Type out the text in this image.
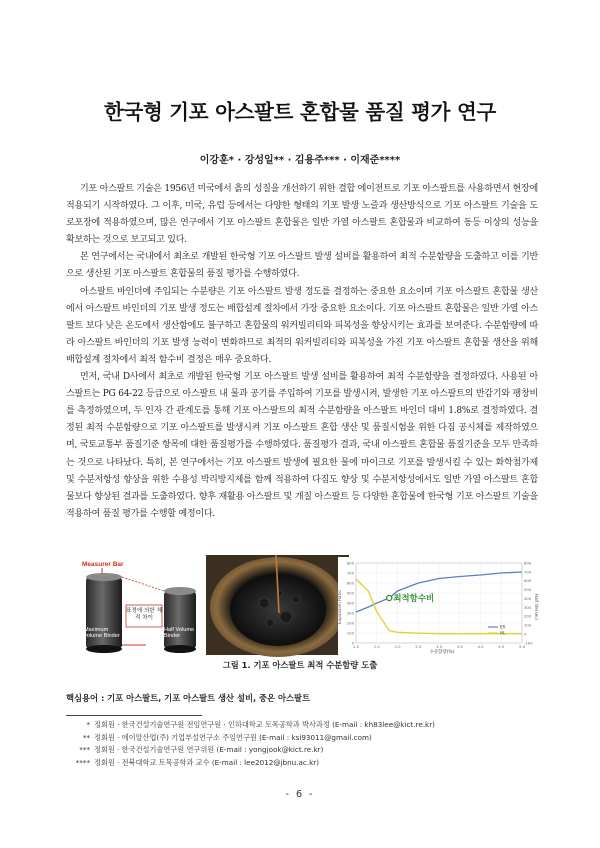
한국형 기포 아스팔트 혼합물 품질 평가 연구
이강훈* · 강성일** · 김용주*** · 이재준****

기포 아스팔트 기술은 1956년 미국에서 흙의 성질을 개선하기 위한 결합 에이전트로 기포 아스팔트를 사용하면서 현장에 적용되기 시작하였다. 그 이후, 미국, 유럽 등에서는 다양한 형태의 기포 발생 노즐과 생산방식으로 기포 아스팔트 기술을 도로포장에 적용하였으며, 많은 연구에서 기포 아스팔트 혼합물은 일반 가열 아스팔트 혼합물과 비교하여 동등 이상의 성능을 확보하는 것으로 보고되고 있다.

본 연구에서는 국내에서 최초로 개발된 한국형 기포 아스팔트 발생 설비를 활용하여 최적 수분함량을 도출하고 이를 기반으로 생산된 기포 아스팔트 혼합물의 품질 평가를 수행하였다.

아스팔트 바인더에 주입되는 수분량은 기포 아스팔트 발생 정도를 결정하는 중요한 요소이며 기포 아스팔트 혼합물 생산에서 아스팔트 바인더의 기포 발생 정도는 배합설계 절차에서 가장 중요한 요소이다. 기포 아스팔트 혼합물은 일반 가열 아스팔트 보다 낮은 온도에서 생산함에도 불구하고 혼합물의 워커빌리티와 피복성을 향상시키는 효과를 보여준다. 수분함량에 따라 아스팔트 바인더의 기포 발생 능력이 변화하므로 최적의 워커빌리티와 피복성을 가진 기포 아스팔트 혼합물 생산을 위해 배합설계 절차에서 최적 함수비 결정은 매우 중요하다.

먼저, 국내 D사에서 최초로 개발된 한국형 기포 아스팔트 발생 설비를 활용하여 최적 수분함량을 결정하였다. 사용된 아스팔트는 PG 64-22 등급으로 아스팔트 내 물과 공기를 주입하여 기포를 발생시켜, 발생한 기포 아스팔트의 반감기와 팽창비를 측정하였으며, 두 인자 간 관계도를 통해 기포 아스팔트의 최적 수분함량을 아스팔트 바인더 대비 1.8%로 결정하였다. 결정된 최적 수분함량으로 기포 아스팔트를 발생시켜 기포 아스팔트 혼합 생산 및 품질시험을 위한 다짐 공시체를 제작하였으며, 국토교통부 품질기준 항목에 대한 품질평가를 수행하였다. 품질평가 결과, 국내 아스팔트 혼합물 품질기준을 모두 만족하는 것으로 나타났다. 특히, 본 연구에서는 기포 아스팔트 발생에 필요한 물에 마이크로 기포를 발생시킬 수 있는 화학첨가제 및 수분저항성 향상을 위한 수용성 박리방지제를 함께 적용하여 다짐도 향상 및 수분저항성에서도 일반 가열 아스팔트 혼합물보다 향상된 결과를 도출하였다. 향후 재활용 아스팔트 및 개질 아스팔트 등 다양한 혼합물에 한국형 기포 아스팔트 기술을 적용하여 품질 평가를 수행할 예정이다.

Measurer Bar
표정에 의한 체적 차이
Maximum volume Binder
Half Volume Binder
0
100
200
300
400
500
600
700
800
-100
0
100
200
300
400
500
600
700
800
1.0	1.5	2.0	2.5	3.0	3.5	4.0	4.5	5.0
ER
HL
Expansion Ratio	Half life(sec)
수분함량(%)
최적함수비
그림 1. 기포 아스팔트 최적 수분함량 도출
핵심용어 : 기포 아스팔트, 기포 아스팔트 생산 설비, 중온 아스팔트
* 정회원 · 한국건설기술연구원 전임연구원 · 인하대학교 토목공학과 박사과정 (E-mail : kh83lee@kict.re.kr)
** 정회원 · 에이알산업(주) 기업부설연구소 주임연구원 (E-mail : ksi93011@gmail.com)
*** 정회원 · 한국건설기술연구원 연구위원 (E-mail : yongjook@kict.re.kr)
**** 정회원 · 전북대학교 토목공학과 교수 (E-mail : lee2012@jbnu.ac.kr)
- 6 -
